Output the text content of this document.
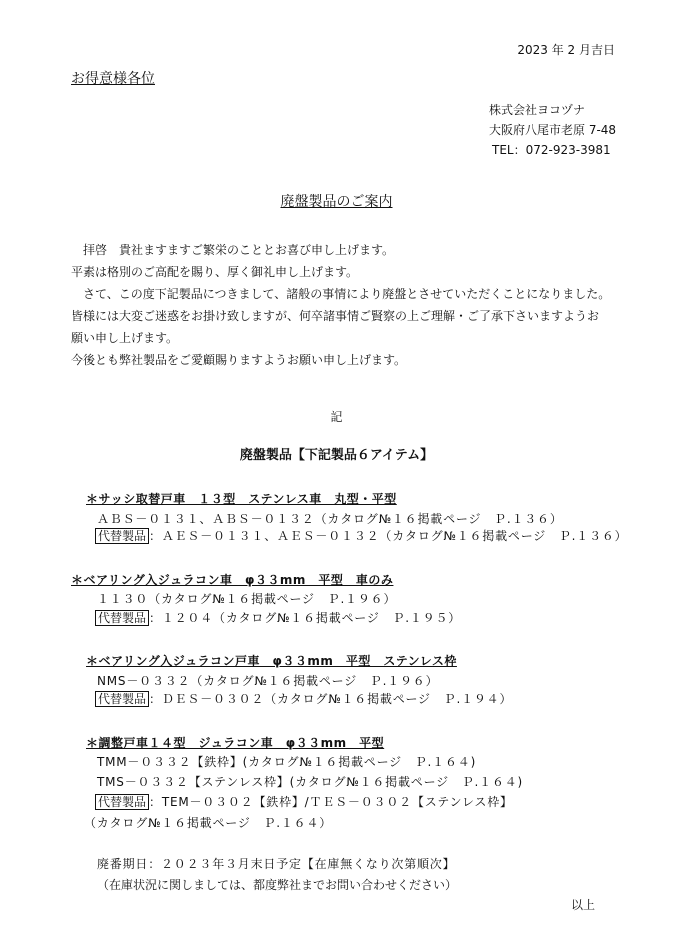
2023 年 2 月吉日
お得意様各位
株式会社ヨコヅナ
大阪府八尾市老原 7-48
TEL：072-923-3981
廃盤製品のご案内
　拝啓　貴社ますますご繁栄のこととお喜び申し上げます。
平素は格別のご高配を賜り、厚く御礼申し上げます。
　さて、この度下記製品につきまして、諸般の事情により廃盤とさせていただくことになりました。
皆様には大変ご迷惑をお掛け致しますが、何卒諸事情ご賢察の上ご理解・ご了承下さいますようお
願い申し上げます。
今後とも弊社製品をご愛顧賜りますようお願い申し上げます。
記
廃盤製品【下記製品６アイテム】
＊サッシ取替戸車　１３型　ステンレス車　丸型・平型
ＡＢＳ－０１３１、ＡＢＳ－０１３２（カタログ№１６掲載ページ　Ｐ.１３６）
代替製品 ：ＡＥＳ－０１３１、ＡＥＳ－０１３２（カタログ№１６掲載ページ　Ｐ.１３６）
＊ベアリング入ジュラコン車　φ３３mm　平型　車のみ
１１３０（カタログ№１６掲載ページ　Ｐ.１９６）
代替製品 ：１２０４（カタログ№１６掲載ページ　Ｐ.１９５）
＊ベアリング入ジュラコン戸車　φ３３mm　平型　ステンレス枠
NMS－０３３２（カタログ№１６掲載ページ　Ｐ.１９６）
代替製品 ：ＤＥＳ－０３０２（カタログ№１６掲載ページ　Ｐ.１９４）
＊調整戸車１４型　ジュラコン車　φ３３mm　平型
TMM－０３３２【鉄枠】(カタログ№１６掲載ページ　Ｐ.１６４)
TMS－０３３２【ステンレス枠】(カタログ№１６掲載ページ　Ｐ.１６４)
代替製品 ：TEM－０３０２【鉄枠】/ＴＥＳ－０３０２【ステンレス枠】
（カタログ№１６掲載ページ　Ｐ.１６４）
廃番期日：２０２３年３月末日予定【在庫無くなり次第順次】
（在庫状況に関しましては、都度弊社までお問い合わせください）
以上
